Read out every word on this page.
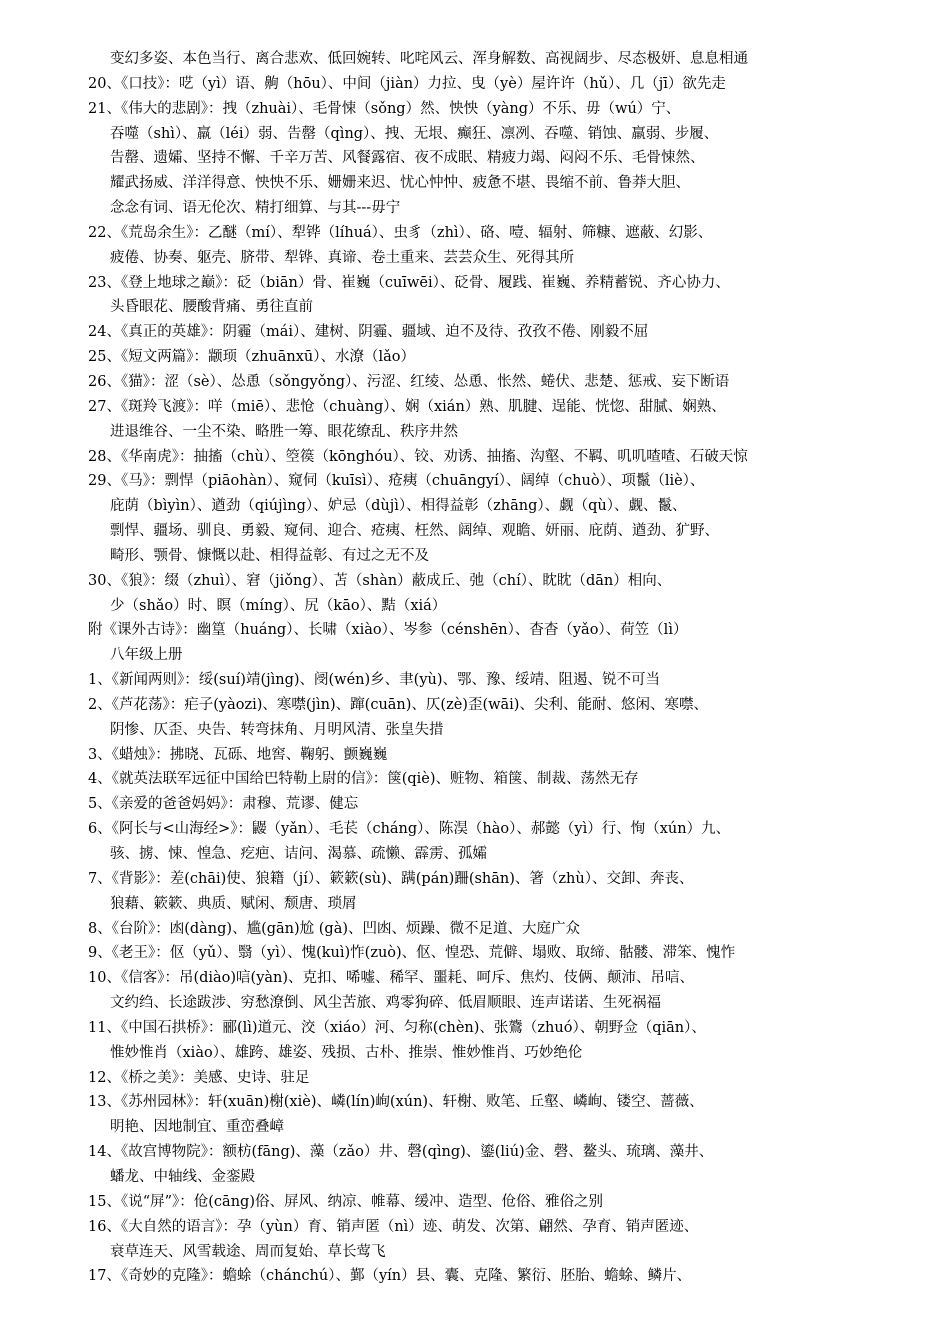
变幻多姿、本色当行、离合悲欢、低回婉转、叱咤风云、浑身解数、高视阔步、尽态极妍、息息相通
20、《口技》：呓（yì）语、齁（hōu）、中间（jiàn）力拉、曳（yè）屋许许（hǔ）、几（jī）欲先走
21、《伟大的悲剧》：拽（zhuài）、毛骨悚（sǒng）然、怏怏（yàng）不乐、毋（wú）宁、
吞噬（shì）、羸（léi）弱、告罄（qìng）、拽、无垠、癫狂、凛冽、吞噬、销蚀、羸弱、步履、
告罄、遗孀、坚持不懈、千辛万苦、风餐露宿、夜不成眠、精疲力竭、闷闷不乐、毛骨悚然、
耀武扬威、洋洋得意、怏怏不乐、姗姗来迟、忧心忡忡、疲惫不堪、畏缩不前、鲁莽大胆、
念念有词、语无伦次、精打细算、与其---毋宁
22、《荒岛余生》：乙醚（mí）、犁铧（líhuá）、虫豸（zhì）、硌、噎、辐射、筛糠、遮蔽、幻影、
疲倦、协奏、躯壳、脐带、犁铧、真谛、卷土重来、芸芸众生、死得其所
23、《登上地球之巅》：砭（biān）骨、崔巍（cuīwēi）、砭骨、履践、崔巍、养精蓄锐、齐心协力、
头昏眼花、腰酸背痛、勇往直前
24、《真正的英雄》：阴霾（mái）、建树、阴霾、疆域、迫不及待、孜孜不倦、刚毅不屈
25、《短文两篇》：颛顼（zhuānxū）、水潦（lǎo）
26、《猫》：涩（sè）、怂恿（sǒngyǒng）、污涩、红绫、怂恿、怅然、蜷伏、悲楚、惩戒、妄下断语
27、《斑羚飞渡》：咩（miē）、悲怆（chuàng）、娴（xián）熟、肌腱、逞能、恍惚、甜腻、娴熟、
进退维谷、一尘不染、略胜一筹、眼花缭乱、秩序井然
28、《华南虎》：抽搐（chù）、箜篌（kōnghóu）、铰、劝诱、抽搐、沟壑、不羁、叽叽喳喳、石破天惊
29、《马》：剽悍（piāohàn）、窥伺（kuīsì）、疮痍（chuāngyí）、阔绰（chuò）、项鬣（liè）、
庇荫（bìyìn）、遒劲（qiújìng）、妒忌（dùjì）、相得益彰（zhāng）、觑（qù）、觑、鬣、
剽悍、疆场、驯良、勇毅、窥伺、迎合、疮痍、枉然、阔绰、观瞻、妍丽、庇荫、遒劲、犷野、
畸形、颚骨、慷慨以赴、相得益彰、有过之无不及
30、《狼》：缀（zhuì）、窘（jiǒng）、苫（shàn）蔽成丘、弛（chí）、眈眈（dān）相向、
少（shǎo）时、瞑（míng）、尻（kāo）、黠（xiá）
附《课外古诗》：幽篁（huáng）、长啸（xiào）、岑参（cénshēn）、杳杳（yǎo）、荷笠（lì）
八年级上册
1、《新闻两则》：绥(suí)靖(jìng)、阌(wén)乡、聿(yù)、鄂、豫、绥靖、阻遏、锐不可当
2、《芦花荡》：疟子(yàozi)、寒噤(jìn)、蹿(cuān)、仄(zè)歪(wāi)、尖利、能耐、悠闲、寒噤、
阴惨、仄歪、央告、转弯抹角、月明风清、张皇失措
3、《蜡烛》：拂晓、瓦砾、地窖、鞠躬、颤巍巍
4、《就英法联军远征中国给巴特勒上尉的信》：箧(qiè)、赃物、箱箧、制裁、荡然无存
5、《亲爱的爸爸妈妈》：肃穆、荒谬、健忘
6、《阿长与<山海经>》：鼹（yǎn）、毛苌（cháng）、陈淏（hào）、郝懿（yì）行、恂（xún）九、
骇、掳、悚、惶急、疙疤、诘问、渴慕、疏懒、霹雳、孤孀
7、《背影》：差(chāi)使、狼籍（jí）、簌簌(sù)、蹒(pán)跚(shān)、箸（zhù）、交卸、奔丧、
狼藉、簌簌、典质、赋闲、颓唐、琐屑
8、《台阶》：凼(dàng)、尴(gān)尬 (gà)、凹凼、烦躁、微不足道、大庭广众
9、《老王》：伛（yǔ）、翳（yì）、愧(kuì)怍(zuò)、伛、惶恐、荒僻、塌败、取缔、骷髅、滞笨、愧怍
10、《信客》：吊(diào)唁(yàn)、克扣、唏嘘、稀罕、噩耗、呵斥、焦灼、伎俩、颠沛、吊唁、
文约绉、长途跋涉、穷愁潦倒、风尘苦旅、鸡零狗碎、低眉顺眼、连声诺诺、生死祸福
11、《中国石拱桥》：郦(lì)道元、洨（xiáo）河、匀称(chèn)、张鷟（zhuó）、朝野佥（qiān）、
惟妙惟肖（xiào）、雄跨、雄姿、残损、古朴、推崇、惟妙惟肖、巧妙绝伦
12、《桥之美》：美感、史诗、驻足
13、《苏州园林》：轩(xuān)榭(xiè)、嶙(lín)峋(xún)、轩榭、败笔、丘壑、嶙峋、镂空、蔷薇、
明艳、因地制宜、重峦叠嶂
14、《故宫博物院》：额枋(fāng)、藻（zǎo）井、磬(qìng)、鎏(liú)金、磬、鳌头、琉璃、藻井、
蟠龙、中轴线、金銮殿
15、《说“屏”》：伧(cāng)俗、屏风、纳凉、帷幕、缓冲、造型、伧俗、雅俗之别
16、《大自然的语言》：孕（yùn）育、销声匿（nì）迹、萌发、次第、翩然、孕育、销声匿迹、
衰草连天、风雪载途、周而复始、草长莺飞
17、《奇妙的克隆》：蟾蜍（chánchú）、鄞（yín）县、囊、克隆、繁衍、胚胎、蟾蜍、鳞片、
